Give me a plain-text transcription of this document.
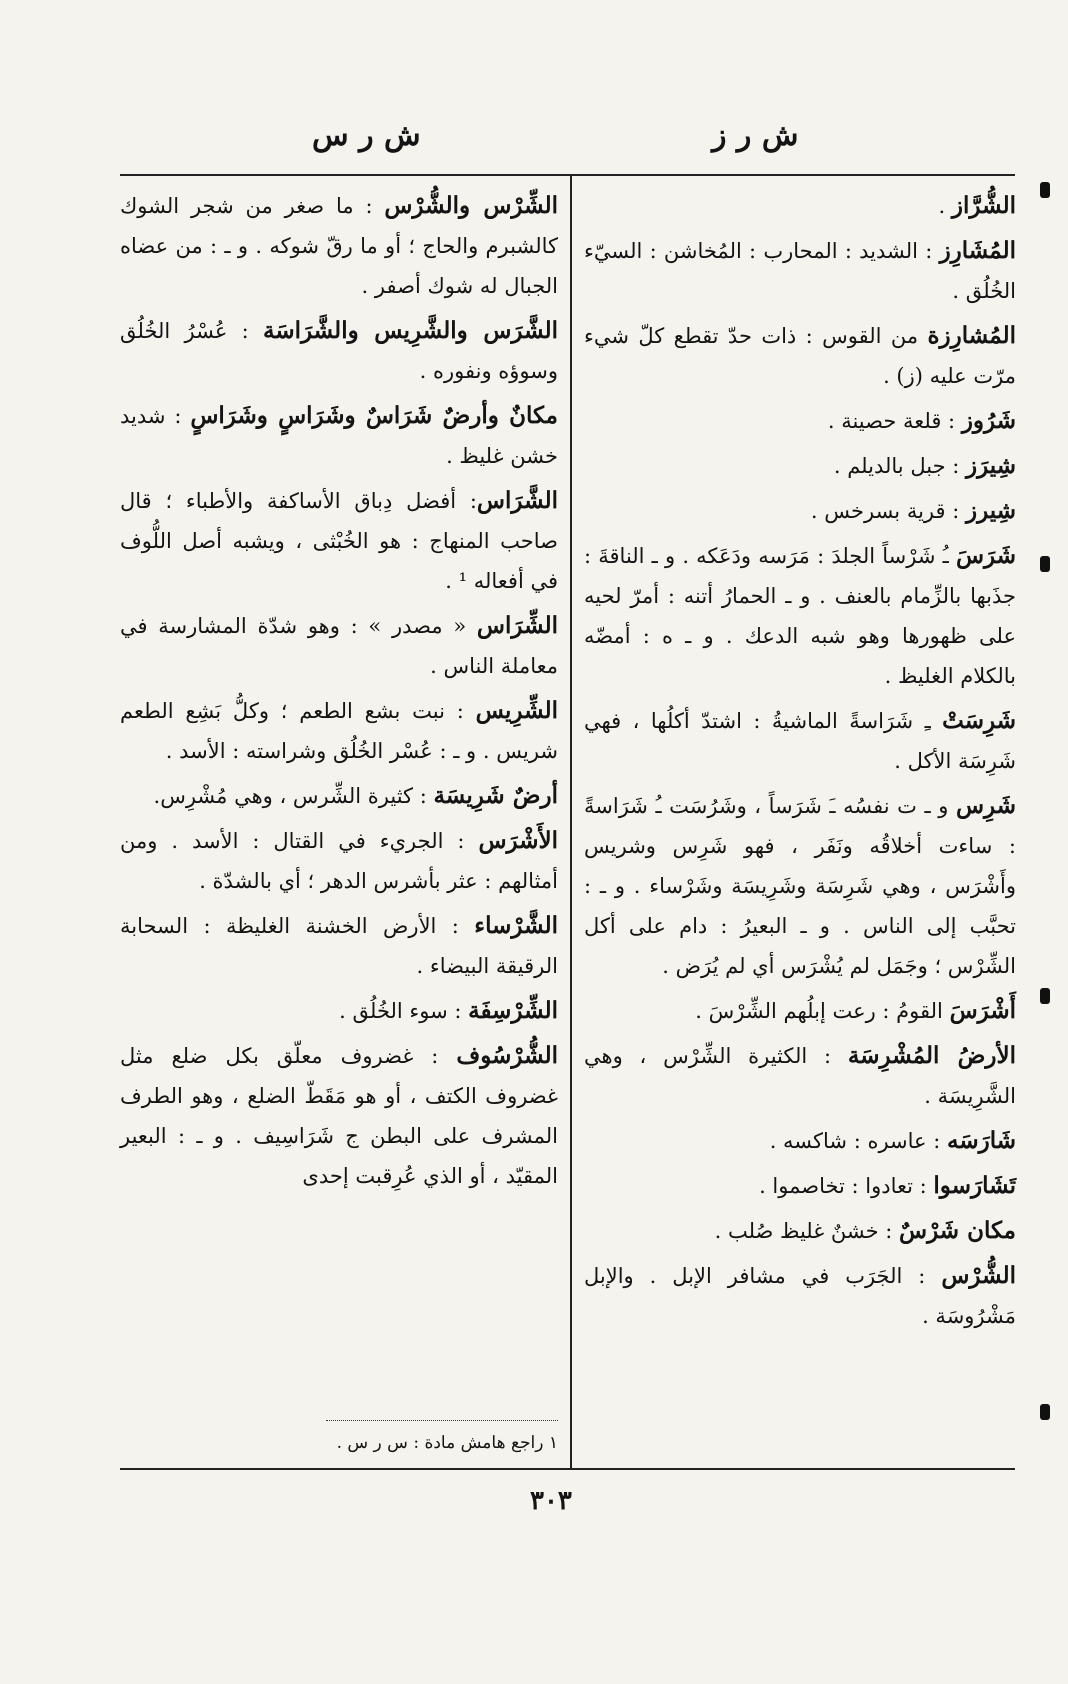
ش ر ز
ش ر س

الشُّرَّاز .

المُشَارِز : الشديد : المحارب : المُخاشن : السيّء الخُلُق .

المُشارِزة من القوس : ذات حدّ تقطع كلّ شيء مرّت عليه (ز) .

شَرُوز : قلعة حصينة .

شِيرَز : جبل بالديلم .

شِيرز : قرية بسرخس .

شَرَسَ ـُ شَرْساً الجلدَ : مَرَسه ودَعَكه . و ـ الناقةَ : جذَبها بالزِّمام بالعنف . و ـ الحمارُ أتنه : أمرّ لحيه على ظهورها وهو شبه الدعك . و ـ ه : أمضّه بالكلام الغليظ .

شَرِسَتْ ـِ شَرَاسةً الماشيةُ : اشتدّ أكلُها ، فهي شَرِسَة الأكل .

شَرِس و ـ ت نفسُه ـَ شَرَساً ، وشَرُسَت ـُ شَرَاسةً : ساءت أخلاقُه ونَفَر ، فهو شَرِس وشريس وأَشْرَس ، وهي شَرِسَة وشَرِيسَة وشَرْساء . و ـ : تحبَّب إلى الناس . و ـ البعيرُ : دام على أكل الشِّرْس ؛ وجَمَل لم يُشْرَس أي لم يُرَض .

أَشْرَسَ القومُ : رعت إبلُهم الشِّرْسَ .

الأرضُ المُشْرِسَة : الكثيرة الشِّرْس ، وهي الشَّرِيسَة .

شَارَسَه : عاسره : شاكسه .

تَشَارَسوا : تعادوا : تخاصموا .

مكان شَرْسٌ : خشنٌ غليظ صُلب .

الشُّرْس : الجَرَب في مشافر الإبل . والإبل مَشْرُوسَة .

الشِّرْس والشُّرْس : ما صغر من شجر الشوك كالشبرم والحاج ؛ أو ما رقّ شوكه . و ـ : من عضاه الجبال له شوك أصفر .

الشَّرَس والشَّرِيس والشَّرَاسَة : عُسْرُ الخُلُق وسوؤه ونفوره .

مكانٌ وأرضٌ شَرَاسٌ وشَرَاسٍ وشَرَاسٍ : شديد خشن غليظ .

الشَّرَاس: أفضل دِباق الأساكفة والأطباء ؛ قال صاحب المنهاج : هو الخُبْثى ، ويشبه أصل اللُّوف في أفعاله ¹ .

الشِّرَاس « مصدر » : وهو شدّة المشارسة في معاملة الناس .

الشِّرِيس : نبت بشع الطعم ؛ وكلُّ بَشِع الطعم شريس . و ـ : عُسْر الخُلُق وشراسته : الأسد .

أرضٌ شَرِيسَة : كثيرة الشِّرس ، وهي مُشْرِس.

الأَشْرَس : الجريء في القتال : الأسد . ومن أمثالهم : عثر بأشرس الدهر ؛ أي بالشدّة .

الشَّرْساء : الأرض الخشنة الغليظة : السحابة الرقيقة البيضاء .

الشِّرْسِفَة : سوء الخُلُق .

الشُّرْسُوف : غضروف معلّق بكل ضلع مثل غضروف الكتف ، أو هو مَقَطّ الضلع ، وهو الطرف المشرف على البطن ج شَرَاسِيف . و ـ : البعير المقيّد ، أو الذي عُرِقبت إحدى

١ راجع هامش مادة : س ر س .
٣٠٣
